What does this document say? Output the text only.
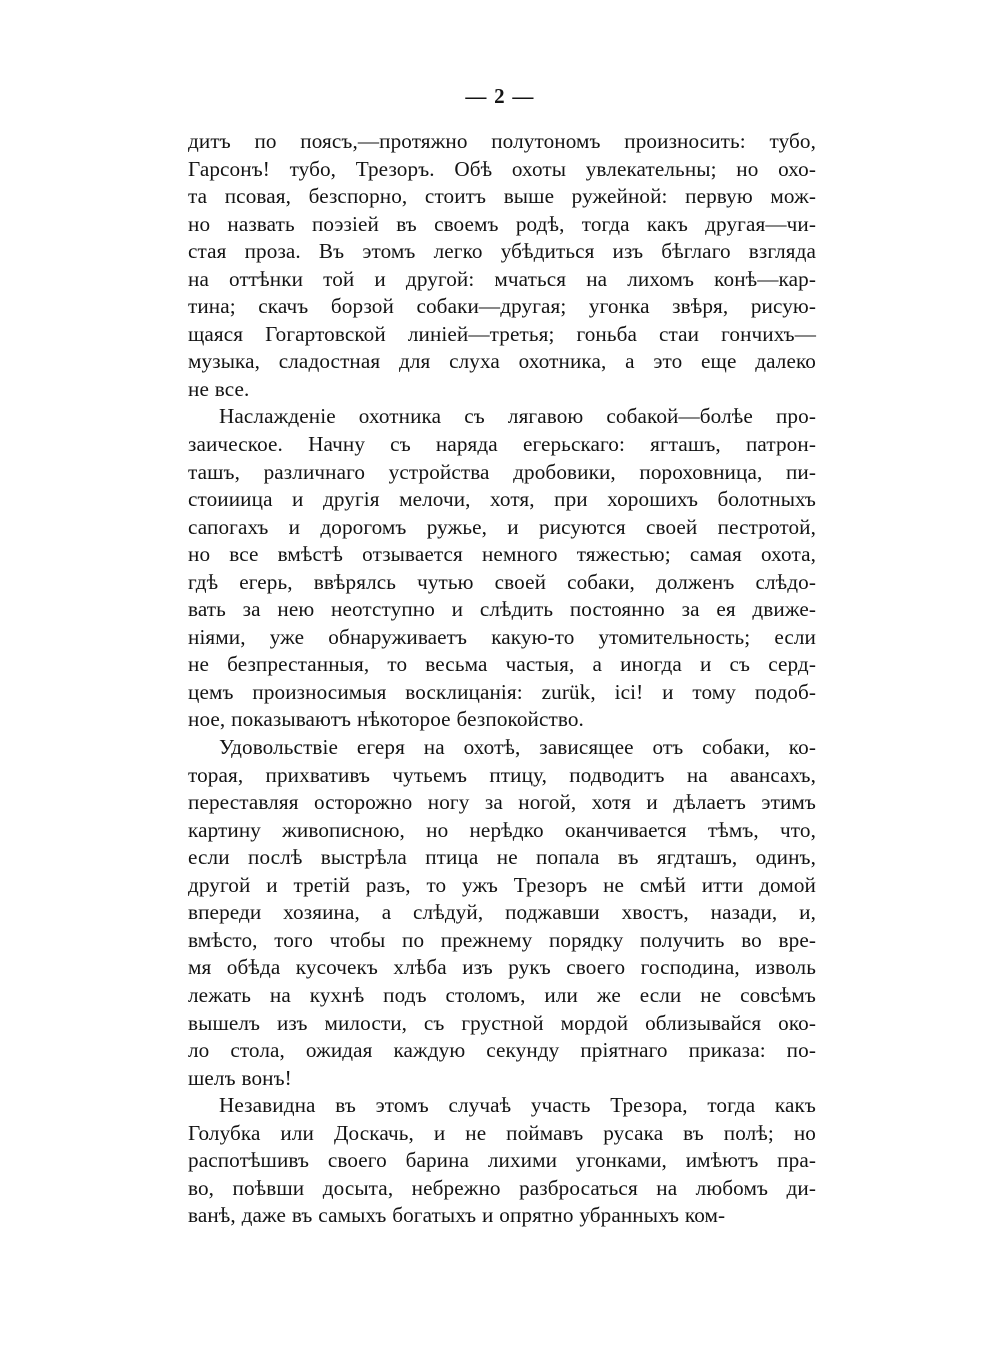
— 2 —

дитъ по поясъ,—протяжно полутономъ произносить: тубо,
Гарсонъ! тубо, Трезоръ. Обѣ охоты увлекательны; но охо-
та псовая, безспорно, стоитъ выше ружейной: первую мож-
но назвать поэзіей въ своемъ родѣ, тогда какъ другая—чи-
стая проза. Въ этомъ легко убѣдиться изъ бѣглаго взгляда
на оттѣнки той и другой: мчаться на лихомъ конѣ—кар-
тина; скачъ борзой собаки—другая; угонка звѣря, рисую-
щаяся Гогартовской линіей—третья; гоньба стаи гончихъ—
музыка, сладостная для слуха охотника, а это еще далеко
не все.

Наслажденіе охотника съ лягавою собакой—болѣе про-
заическое. Начну съ наряда егерьскаго: ягташъ, патрон-
ташъ, различнаго устройства дробовики, пороховница, пи-
стоииица и другія мелочи, хотя, при хорошихъ болотныхъ
сапогахъ и дорогомъ ружье, и рисуются своей пестротой,
но все вмѣстѣ отзывается немного тяжестью; самая охота,
гдѣ егерь, ввѣрялсь чутью своей собаки, долженъ слѣдо-
вать за нею неотступно и слѣдить постоянно за ея движе-
ніями, уже обнаруживаетъ какую-то утомительность; если
не безпрестанныя, то весьма частыя, а иногда и съ серд-
цемъ произносимыя восклицанія: zurük, ici! и тому подоб-
ное, показываютъ нѣкоторое безпокойство.

Удовольствіе егеря на охотѣ, зависящее отъ собаки, ко-
торая, прихвативъ чутьемъ птицу, подводитъ на авансахъ,
переставляя осторожно ногу за ногой, хотя и дѣлаетъ этимъ
картину живописною, но нерѣдко оканчивается тѣмъ, что,
если послѣ выстрѣла птица не попала въ ягдташъ, одинъ,
другой и третій разъ, то ужъ Трезоръ не смѣй итти домой
впереди хозяина, а слѣдуй, поджавши хвостъ, назади, и,
вмѣсто, того чтобы по прежнему порядку получить во вре-
мя обѣда кусочекъ хлѣба изъ рукъ своего господина, изволь
лежать на кухнѣ подъ столомъ, или же если не совсѣмъ
вышелъ изъ милости, съ грустной мордой облизывайся око-
ло стола, ожидая каждую секунду пріятнаго приказа: по-
шелъ вонъ!

Незавидна въ этомъ случаѣ участь Трезора, тогда какъ
Голубка или Доскачь, и не поймавъ русака въ полѣ; но
распотѣшивъ своего барина лихими угонками, имѣютъ пра-
во, поѣвши досыта, небрежно разбросаться на любомъ ди-
ванѣ, даже въ самыхъ богатыхъ и опрятно убранныхъ ком-
